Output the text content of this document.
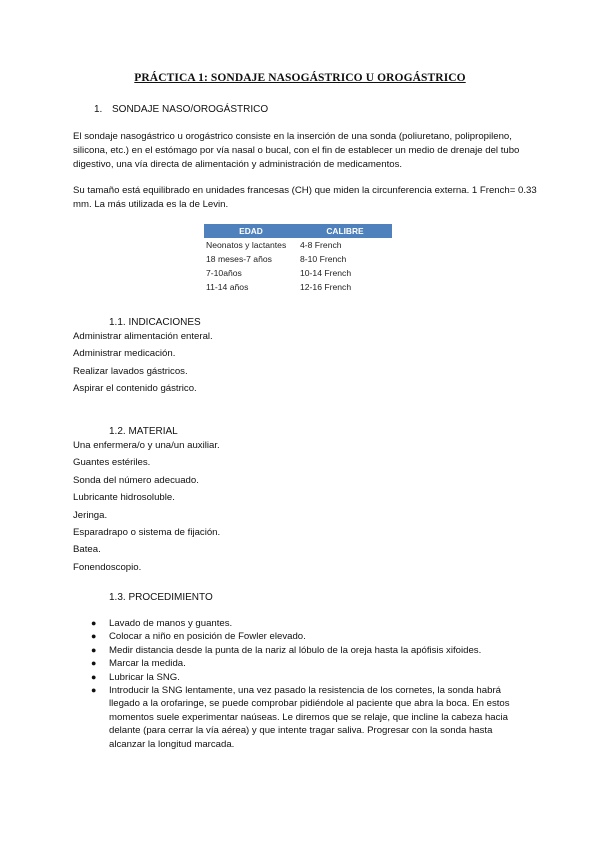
PRÁCTICA 1: SONDAJE NASOGÁSTRICO U OROGÁSTRICO
1. SONDAJE NASO/OROGÁSTRICO
El sondaje nasogástrico u orogástrico consiste en la inserción de una sonda (poliuretano, polipropileno, silicona, etc.) en el estómago por vía nasal o bucal, con el fin de establecer un medio de drenaje del tubo digestivo, una vía directa de alimentación y administración de medicamentos.
Su tamaño está equilibrado en unidades francesas (CH) que miden la circunferencia externa. 1 French= 0.33 mm. La más utilizada es la de Levin.
EDAD	CALIBRE
Neonatos y lactantes	4-8 French
18 meses-7 años	8-10 French
7-10años	10-14 French
11-14 años	12-16 French
1.1. INDICACIONES
Administrar alimentación enteral.
Administrar medicación.
Realizar lavados gástricos.
Aspirar el contenido gástrico.
1.2. MATERIAL
Una enfermera/o y una/un auxiliar.
Guantes estériles.
Sonda del número adecuado.
Lubricante hidrosoluble.
Jeringa.
Esparadrapo o sistema de fijación.
Batea.
Fonendoscopio.
1.3. PROCEDIMIENTO
● Lavado de manos y guantes.
● Colocar a niño en posición de Fowler elevado.
● Medir distancia desde la punta de la nariz al lóbulo de la oreja hasta la apófisis xifoides.
● Marcar la medida.
● Lubricar la SNG.
● Introducir la SNG lentamente, una vez pasado la resistencia de los cornetes, la sonda habrá llegado a la orofaringe, se puede comprobar pidiéndole al paciente que abra la boca. En estos momentos suele experimentar naúseas. Le diremos que se relaje, que incline la cabeza hacia delante (para cerrar la vía aérea) y que intente tragar saliva. Progresar con la sonda hasta alcanzar la longitud marcada.
